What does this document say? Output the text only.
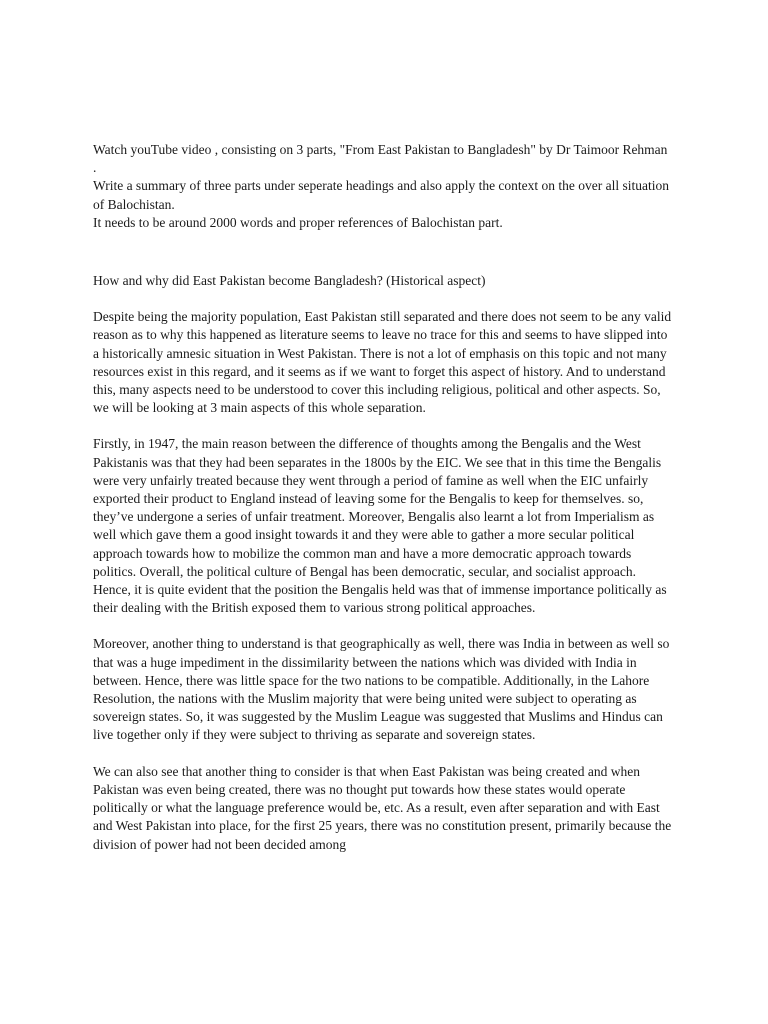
Watch youTube video , consisting on 3 parts, "From East Pakistan to Bangladesh" by Dr Taimoor Rehman .

Write a summary of three parts under seperate headings and also apply the context on the over all situation of Balochistan.

It needs to be around 2000 words and proper references of Balochistan part.

How and why did East Pakistan become Bangladesh? (Historical aspect)

Despite being the majority population, East Pakistan still separated and there does not seem to be any valid reason as to why this happened as literature seems to leave no trace for this and seems to have slipped into a historically amnesic situation in West Pakistan. There is not a lot of emphasis on this topic and not many resources exist in this regard, and it seems as if we want to forget this aspect of history. And to understand this, many aspects need to be understood to cover this including religious, political and other aspects. So, we will be looking at 3 main aspects of this whole separation.

Firstly, in 1947, the main reason between the difference of thoughts among the Bengalis and the West Pakistanis was that they had been separates in the 1800s by the EIC. We see that in this time the Bengalis were very unfairly treated because they went through a period of famine as well when the EIC unfairly exported their product to England instead of leaving some for the Bengalis to keep for themselves. so, they’ve undergone a series of unfair treatment. Moreover, Bengalis also learnt a lot from Imperialism as well which gave them a good insight towards it and they were able to gather a more secular political approach towards how to mobilize the common man and have a more democratic approach towards politics. Overall, the political culture of Bengal has been democratic, secular, and socialist approach. Hence, it is quite evident that the position the Bengalis held was that of immense importance politically as their dealing with the British exposed them to various strong political approaches.

Moreover, another thing to understand is that geographically as well, there was India in between as well so that was a huge impediment in the dissimilarity between the nations which was divided with India in between. Hence, there was little space for the two nations to be compatible. Additionally, in the Lahore Resolution, the nations with the Muslim majority that were being united were subject to operating as sovereign states. So, it was suggested by the Muslim League was suggested that Muslims and Hindus can live together only if they were subject to thriving as separate and sovereign states.

We can also see that another thing to consider is that when East Pakistan was being created and when Pakistan was even being created, there was no thought put towards how these states would operate politically or what the language preference would be, etc. As a result, even after separation and with East and West Pakistan into place, for the first 25 years, there was no constitution present, primarily because the division of power had not been decided among
